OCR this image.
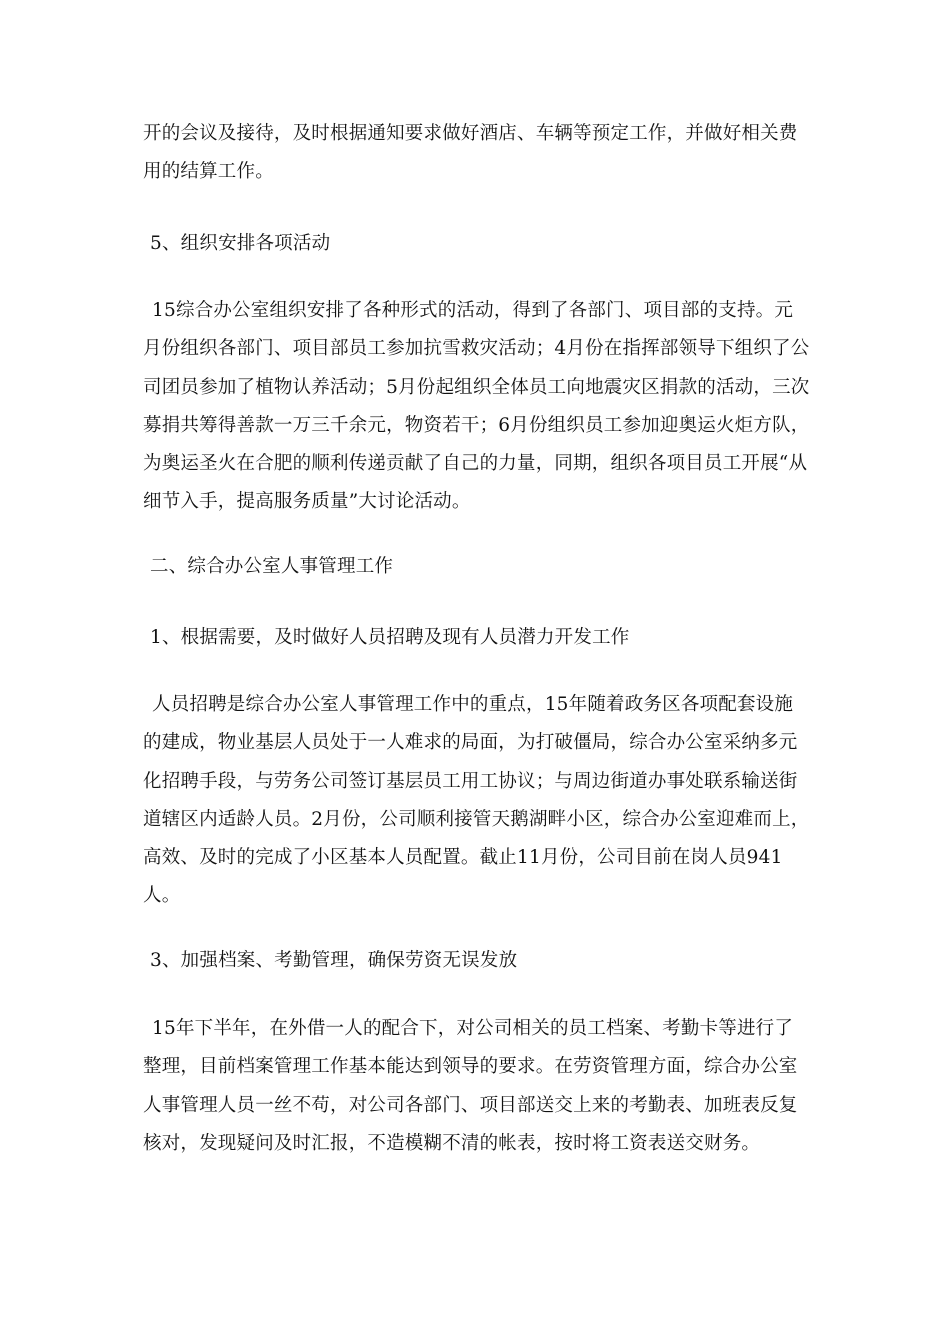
开的会议及接待，及时根据通知要求做好酒店、车辆等预定工作，并做好相关费用的结算工作。

5、组织安排各项活动

15综合办公室组织安排了各种形式的活动，得到了各部门、项目部的支持。元月份组织各部门、项目部员工参加抗雪救灾活动；4月份在指挥部领导下组织了公司团员参加了植物认养活动；5月份起组织全体员工向地震灾区捐款的活动，三次募捐共筹得善款一万三千余元，物资若干；6月份组织员工参加迎奥运火炬方队，为奥运圣火在合肥的顺利传递贡献了自己的力量，同期，组织各项目员工开展“从细节入手，提高服务质量”大讨论活动。

二、综合办公室人事管理工作

1、根据需要，及时做好人员招聘及现有人员潜力开发工作

人员招聘是综合办公室人事管理工作中的重点，15年随着政务区各项配套设施的建成，物业基层人员处于一人难求的局面，为打破僵局，综合办公室采纳多元化招聘手段，与劳务公司签订基层员工用工协议；与周边街道办事处联系输送街道辖区内适龄人员。2月份，公司顺利接管天鹅湖畔小区，综合办公室迎难而上，高效、及时的完成了小区基本人员配置。截止11月份，公司目前在岗人员941人。

3、加强档案、考勤管理，确保劳资无误发放

15年下半年，在外借一人的配合下，对公司相关的员工档案、考勤卡等进行了整理，目前档案管理工作基本能达到领导的要求。在劳资管理方面，综合办公室人事管理人员一丝不苟，对公司各部门、项目部送交上来的考勤表、加班表反复核对，发现疑问及时汇报，不造模糊不清的帐表，按时将工资表送交财务。
